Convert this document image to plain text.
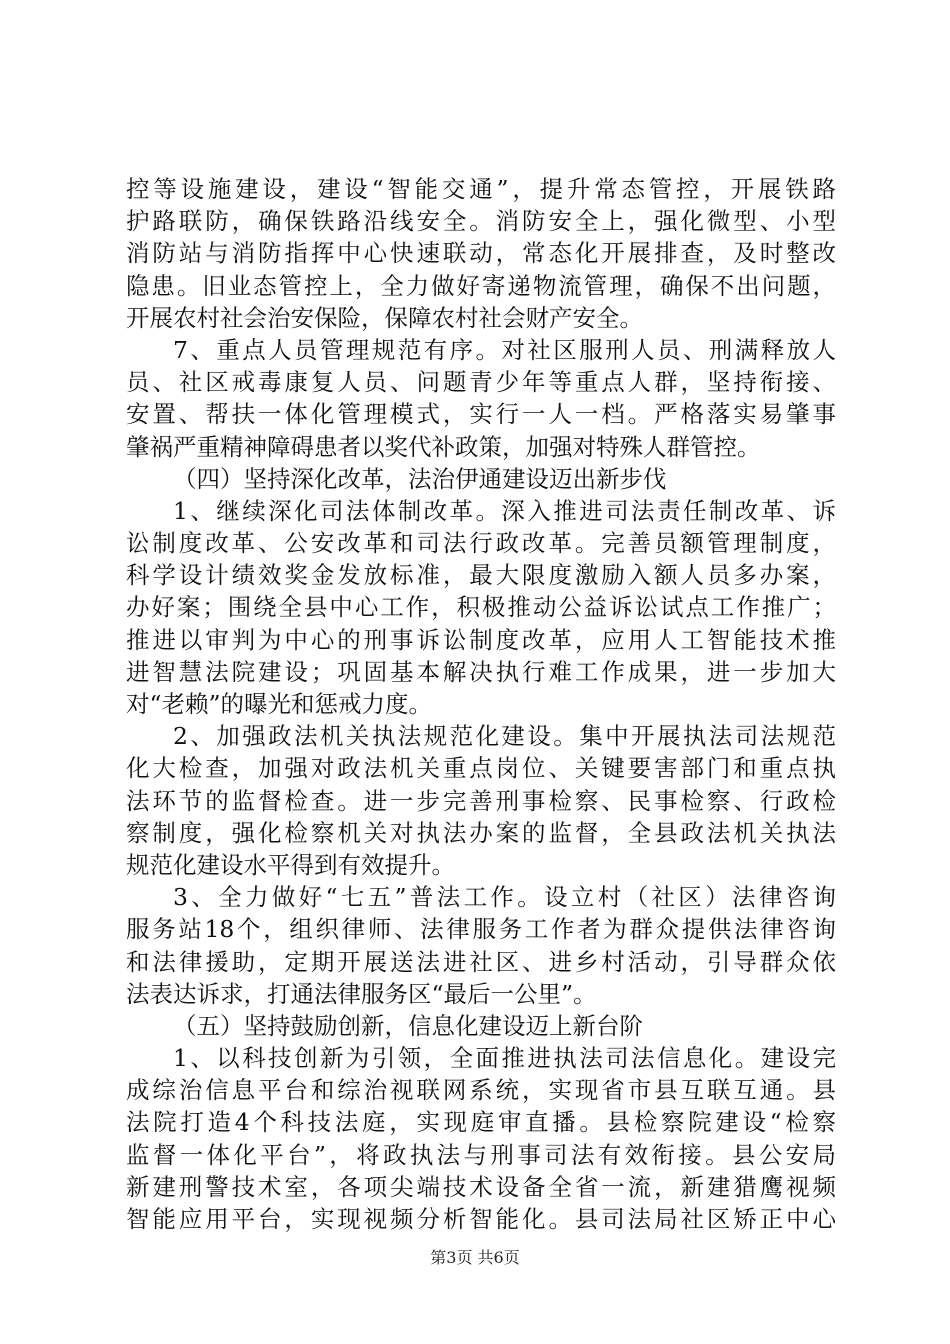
控等设施建设，建设“智能交通”，提升常态管控，开展铁路
护路联防，确保铁路沿线安全。消防安全上，强化微型、小型
消防站与消防指挥中心快速联动，常态化开展排查，及时整改
隐患。旧业态管控上，全力做好寄递物流管理，确保不出问题，
开展农村社会治安保险，保障农村社会财产安全。
7、重点人员管理规范有序。对社区服刑人员、刑满释放人
员、社区戒毒康复人员、问题青少年等重点人群，坚持衔接、
安置、帮扶一体化管理模式，实行一人一档。严格落实易肇事
肇祸严重精神障碍患者以奖代补政策，加强对特殊人群管控。
（四）坚持深化改革，法治伊通建设迈出新步伐
1、继续深化司法体制改革。深入推进司法责任制改革、诉
讼制度改革、公安改革和司法行政改革。完善员额管理制度，
科学设计绩效奖金发放标准，最大限度激励入额人员多办案，
办好案；围绕全县中心工作，积极推动公益诉讼试点工作推广；
推进以审判为中心的刑事诉讼制度改革，应用人工智能技术推
进智慧法院建设；巩固基本解决执行难工作成果，进一步加大
对“老赖”的曝光和惩戒力度。
2、加强政法机关执法规范化建设。集中开展执法司法规范
化大检查，加强对政法机关重点岗位、关键要害部门和重点执
法环节的监督检查。进一步完善刑事检察、民事检察、行政检
察制度，强化检察机关对执法办案的监督，全县政法机关执法
规范化建设水平得到有效提升。
3、全力做好“七五”普法工作。设立村（社区）法律咨询
服务站18个，组织律师、法律服务工作者为群众提供法律咨询
和法律援助，定期开展送法进社区、进乡村活动，引导群众依
法表达诉求，打通法律服务区“最后一公里”。
（五）坚持鼓励创新，信息化建设迈上新台阶
1、以科技创新为引领，全面推进执法司法信息化。建设完
成综治信息平台和综治视联网系统，实现省市县互联互通。县
法院打造4个科技法庭，实现庭审直播。县检察院建设“检察
监督一体化平台”，将政执法与刑事司法有效衔接。县公安局
新建刑警技术室，各项尖端技术设备全省一流，新建猎鹰视频
智能应用平台，实现视频分析智能化。县司法局社区矫正中心
第3页 共6页
